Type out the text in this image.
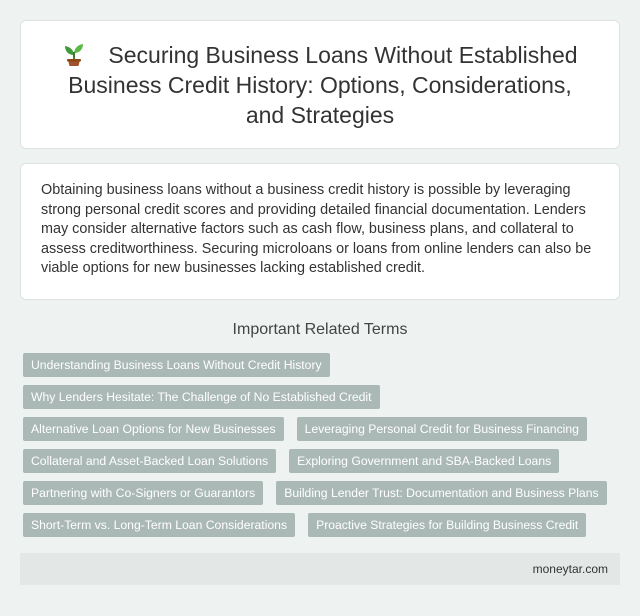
Securing Business Loans Without Established Business Credit History: Options, Considerations, and Strategies

Obtaining business loans without a business credit history is possible by leveraging strong personal credit scores and providing detailed financial documentation. Lenders may consider alternative factors such as cash flow, business plans, and collateral to assess creditworthiness. Securing microloans or loans from online lenders can also be viable options for new businesses lacking established credit.

Important Related Terms
Understanding Business Loans Without Credit History
Why Lenders Hesitate: The Challenge of No Established Credit
Alternative Loan Options for New Businesses	Leveraging Personal Credit for Business Financing
Collateral and Asset-Backed Loan Solutions	Exploring Government and SBA-Backed Loans
Partnering with Co-Signers or Guarantors	Building Lender Trust: Documentation and Business Plans
Short-Term vs. Long-Term Loan Considerations	Proactive Strategies for Building Business Credit
moneytar.com
